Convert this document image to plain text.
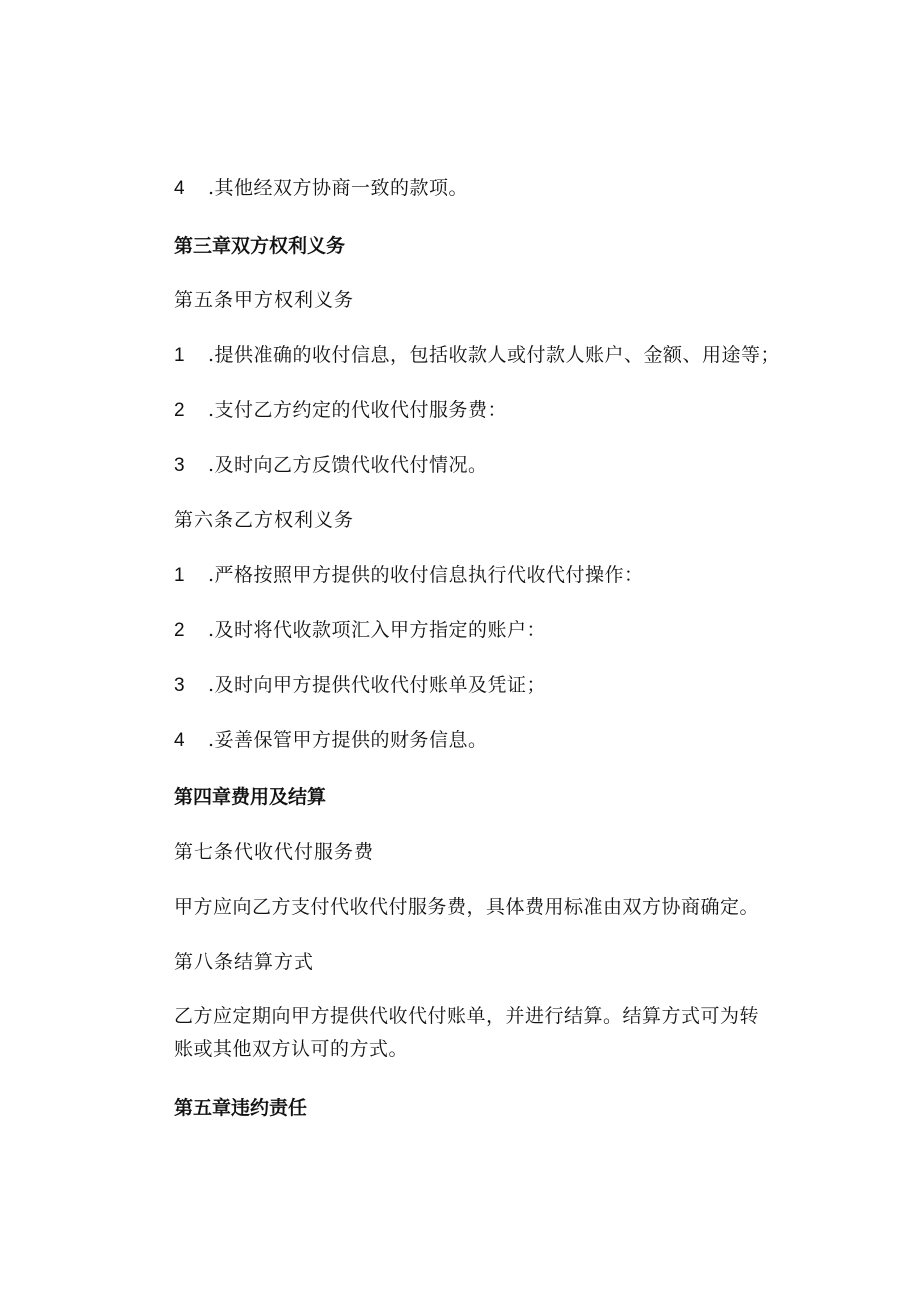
4 .其他经双方协商一致的款项。
第三章双方权利义务
第五条甲方权利义务
1 .提供准确的收付信息，包括收款人或付款人账户、金额、用途等；
2 .支付乙方约定的代收代付服务费：
3 .及时向乙方反馈代收代付情况。
第六条乙方权利义务
1 .严格按照甲方提供的收付信息执行代收代付操作：
2 .及时将代收款项汇入甲方指定的账户：
3 .及时向甲方提供代收代付账单及凭证；
4 .妥善保管甲方提供的财务信息。
第四章费用及结算
第七条代收代付服务费
甲方应向乙方支付代收代付服务费，具体费用标准由双方协商确定。
第八条结算方式
乙方应定期向甲方提供代收代付账单，并进行结算。结算方式可为转账或其他双方认可的方式。
第五章违约责任
